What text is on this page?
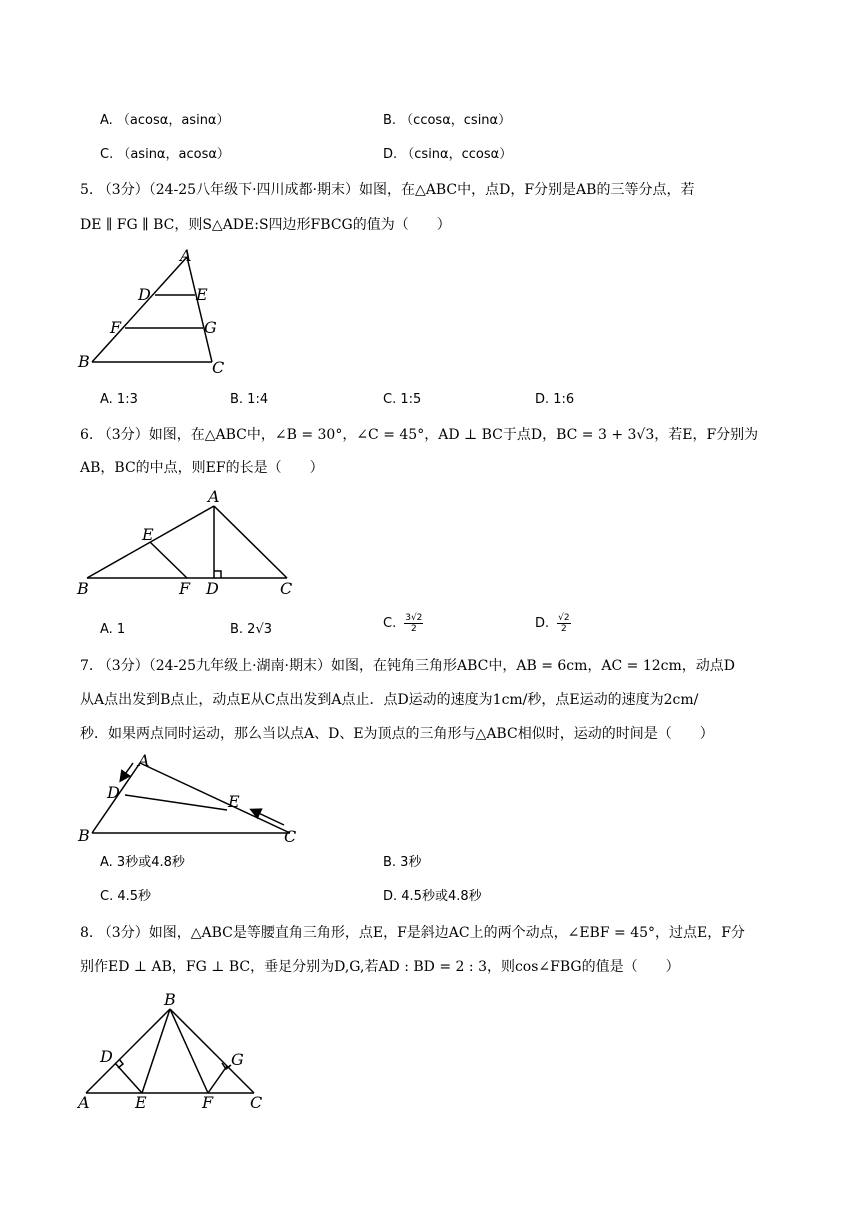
A. （acosα，asinα）	B. （ccosα，csinα）
C. （asinα，acosα）	D. （csinα，ccosα）
5. （3分）（24-25八年级下·四川成都·期末）如图，在△ABC中，点D，F分别是AB的三等分点，若
DE ∥ FG ∥ BC，则S△ADE:S四边形FBCG的值为（　　）
A
D	E
F	G
B	C
A. 1:3	B. 1:4	C. 1:5	D. 1:6
6. （3分）如图，在△ABC中，∠B = 30°，∠C = 45°，AD ⊥ BC于点D，BC = 3 + 3√3，若E，F分别为
AB，BC的中点，则EF的长是（　　）
A
E
B	F D	C
A. 1	B. 2√3	C. $\frac{3√2}{2}$	D. $\frac{√2}{2}$
7. （3分）（24-25九年级上·湖南·期末）如图，在钝角三角形ABC中，AB = 6cm，AC = 12cm，动点D
从A点出发到B点止，动点E从C点出发到A点止．点D运动的速度为1cm/秒，点E运动的速度为2cm/
秒．如果两点同时运动，那么当以点A、D、E为顶点的三角形与△ABC相似时，运动的时间是（　　）
A
D	E
B	C
A. 3秒或4.8秒	B. 3秒
C. 4.5秒	D. 4.5秒或4.8秒
8. （3分）如图，△ABC是等腰直角三角形，点E，F是斜边AC上的两个动点，∠EBF = 45°，过点E，F分
别作ED ⊥ AB，FG ⊥ BC，垂足分别为D,G,若AD : BD = 2 : 3，则cos∠FBG的值是（　　）
B
D	G
A	E	F C
